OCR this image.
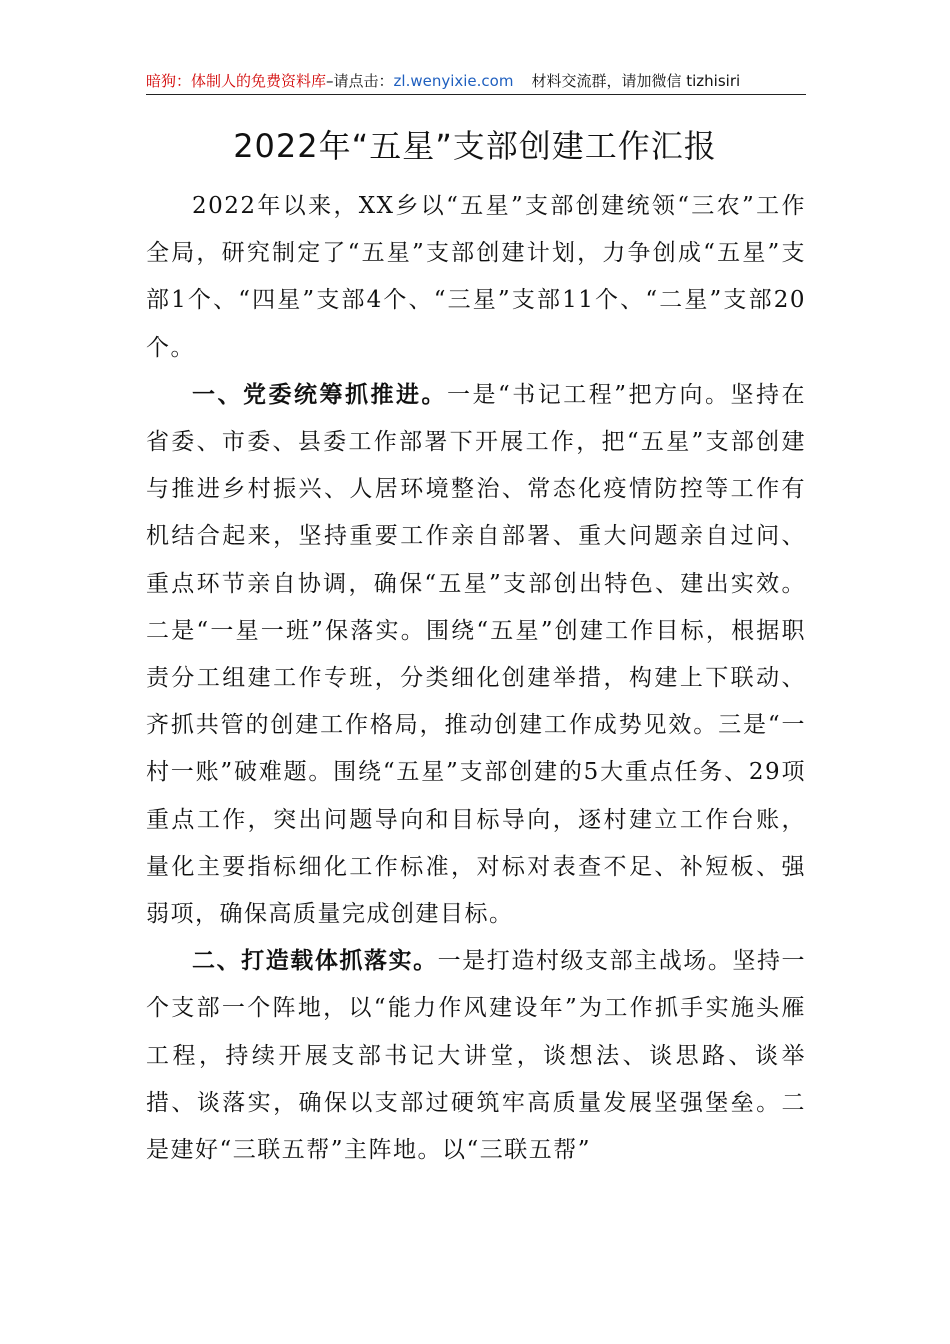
暗狗：体制人的免费资料库–请点击：zl.wenyixie.com 材料交流群，请加微信 tizhisiri
2022年“五星”支部创建工作汇报

2022年以来，XX乡以“五星”支部创建统领“三农”工作全局，研究制定了“五星”支部创建计划，力争创成“五星”支部1个、“四星”支部4个、“三星”支部11个、“二星”支部20个。

一、党委统筹抓推进。一是“书记工程”把方向。坚持在省委、市委、县委工作部署下开展工作，把“五星”支部创建与推进乡村振兴、人居环境整治、常态化疫情防控等工作有机结合起来，坚持重要工作亲自部署、重大问题亲自过问、重点环节亲自协调，确保“五星”支部创出特色、建出实效。二是“一星一班”保落实。围绕“五星”创建工作目标，根据职责分工组建工作专班，分类细化创建举措，构建上下联动、齐抓共管的创建工作格局，推动创建工作成势见效。三是“一村一账”破难题。围绕“五星”支部创建的5大重点任务、29项重点工作，突出问题导向和目标导向，逐村建立工作台账，量化主要指标细化工作标准，对标对表查不足、补短板、强弱项，确保高质量完成创建目标。

二、打造载体抓落实。一是打造村级支部主战场。坚持一个支部一个阵地，以“能力作风建设年”为工作抓手实施头雁工程，持续开展支部书记大讲堂，谈想法、谈思路、谈举措、谈落实，确保以支部过硬筑牢高质量发展坚强堡垒。二是建好“三联五帮”主阵地。以“三联五帮”
